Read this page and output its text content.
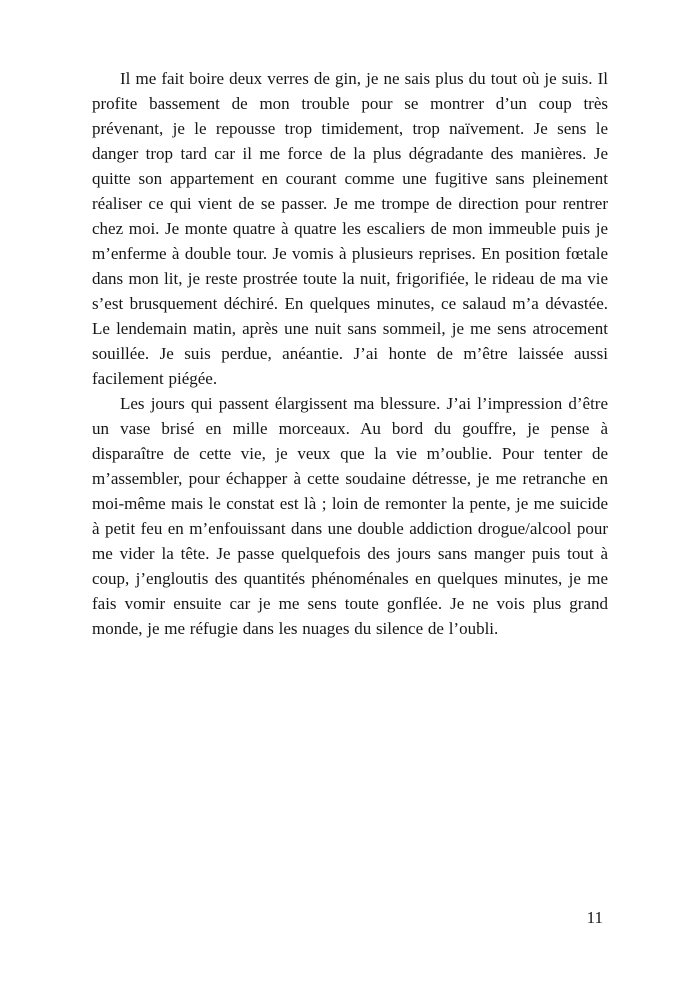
Il me fait boire deux verres de gin, je ne sais plus du tout où je suis. Il profite bassement de mon trouble pour se montrer d’un coup très prévenant, je le repousse trop timidement, trop naïvement. Je sens le danger trop tard car il me force de la plus dégradante des manières. Je quitte son appartement en courant comme une fugitive sans pleinement réaliser ce qui vient de se passer. Je me trompe de direction pour rentrer chez moi. Je monte quatre à quatre les escaliers de mon immeuble puis je m’enferme à double tour. Je vomis à plusieurs reprises. En position fœtale dans mon lit, je reste prostrée toute la nuit, frigorifiée, le rideau de ma vie s’est brusquement déchiré. En quelques minutes, ce salaud m’a dévastée. Le lendemain matin, après une nuit sans sommeil, je me sens atrocement souillée. Je suis perdue, anéantie. J’ai honte de m’être laissée aussi facilement piégée.

Les jours qui passent élargissent ma blessure. J’ai l’impression d’être un vase brisé en mille morceaux. Au bord du gouffre, je pense à disparaître de cette vie, je veux que la vie m’oublie. Pour tenter de m’assembler, pour échapper à cette soudaine détresse, je me retranche en moi-même mais le constat est là ; loin de remonter la pente, je me suicide à petit feu en m’enfouissant dans une double addiction drogue/alcool pour me vider la tête. Je passe quelquefois des jours sans manger puis tout à coup, j’engloutis des quantités phénoménales en quelques minutes, je me fais vomir ensuite car je me sens toute gonflée. Je ne vois plus grand monde, je me réfugie dans les nuages du silence de l’oubli.

11
